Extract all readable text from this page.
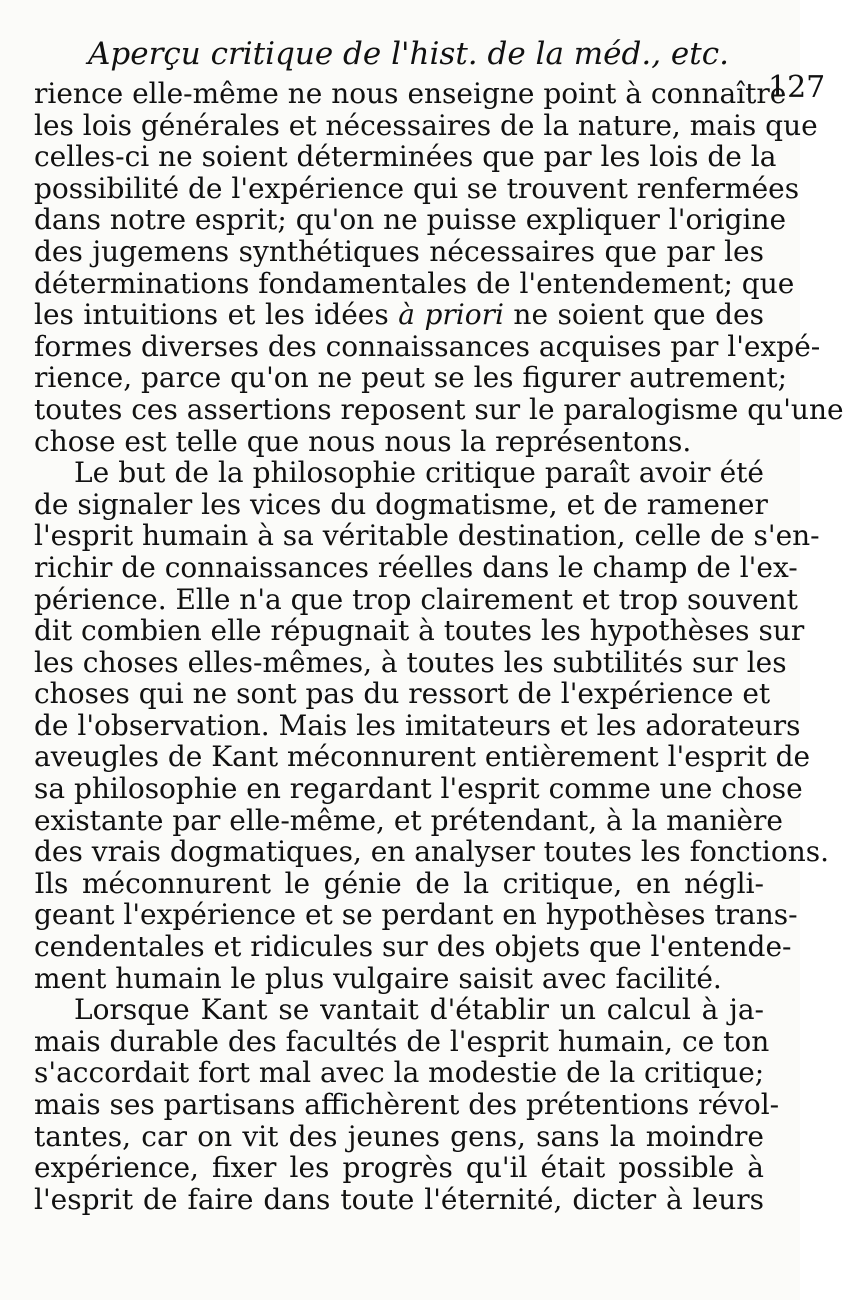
Aperçu critique de l'hist. de la méd., etc.
127
rience elle-même ne nous enseigne point à connaître
les lois générales et nécessaires de la nature, mais que
celles-ci ne soient déterminées que par les lois de la
possibilité de l'expérience qui se trouvent renfermées
dans notre esprit; qu'on ne puisse expliquer l'origine
des jugemens synthétiques nécessaires que par les
déterminations fondamentales de l'entendement; que
les intuitions et les idées à priori ne soient que des
formes diverses des connaissances acquises par l'expé-
rience, parce qu'on ne peut se les figurer autrement;
toutes ces assertions reposent sur le paralogisme qu'une
chose est telle que nous nous la représentons.
Le but de la philosophie critique paraît avoir été
de signaler les vices du dogmatisme, et de ramener
l'esprit humain à sa véritable destination, celle de s'en-
richir de connaissances réelles dans le champ de l'ex-
périence. Elle n'a que trop clairement et trop souvent
dit combien elle répugnait à toutes les hypothèses sur
les choses elles-mêmes, à toutes les subtilités sur les
choses qui ne sont pas du ressort de l'expérience et
de l'observation. Mais les imitateurs et les adorateurs
aveugles de Kant méconnurent entièrement l'esprit de
sa philosophie en regardant l'esprit comme une chose
existante par elle-même, et prétendant, à la manière
des vrais dogmatiques, en analyser toutes les fonctions.
Ils méconnurent le génie de la critique, en négli-
geant l'expérience et se perdant en hypothèses trans-
cendentales et ridicules sur des objets que l'entende-
ment humain le plus vulgaire saisit avec facilité.
Lorsque Kant se vantait d'établir un calcul à ja-
mais durable des facultés de l'esprit humain, ce ton
s'accordait fort mal avec la modestie de la critique;
mais ses partisans affichèrent des prétentions révol-
tantes, car on vit des jeunes gens, sans la moindre
expérience, fixer les progrès qu'il était possible à
l'esprit de faire dans toute l'éternité, dicter à leurs
